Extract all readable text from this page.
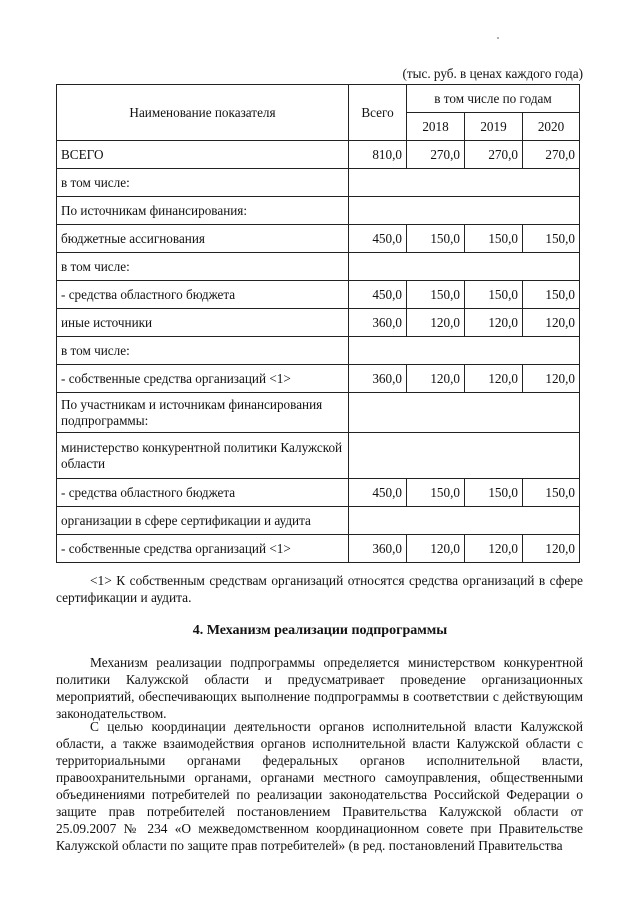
(тыс. руб. в ценах каждого года)
Наименование показателя	Всего	в том числе по годам		
		2018	2019	2020
ВСЕГО	810,0	270,0	270,0	270,0
в том числе:				
По источникам финансирования:				
бюджетные ассигнования	450,0	150,0	150,0	150,0
в том числе:				
- средства областного бюджета	450,0	150,0	150,0	150,0
иные источники	360,0	120,0	120,0	120,0
в том числе:				
- собственные средства организаций <1>	360,0	120,0	120,0	120,0
По участникам и источникам финансирования подпрограммы:				
министерство конкурентной политики Калужской области				
- средства областного бюджета	450,0	150,0	150,0	150,0
организации в сфере сертификации и аудита				
- собственные средства организаций <1>	360,0	120,0	120,0	120,0

<1> К собственным средствам организаций относятся средства организаций в сфере сертификации и аудита.

4. Механизм реализации подпрограммы

Механизм реализации подпрограммы определяется министерством конкурентной политики Калужской области и предусматривает проведение организационных мероприятий, обеспечивающих выполнение подпрограммы в соответствии с действующим законодательством.

С целью координации деятельности органов исполнительной власти Калужской области, а также взаимодействия органов исполнительной власти Калужской области с территориальными органами федеральных органов исполнительной власти, правоохранительными органами, органами местного самоуправления, общественными объединениями потребителей по реализации законодательства Российской Федерации о защите прав потребителей постановлением Правительства Калужской области от 25.09.2007 № 234 «О межведомственном координационном совете при Правительстве Калужской области по защите прав потребителей» (в ред. постановлений Правительства
